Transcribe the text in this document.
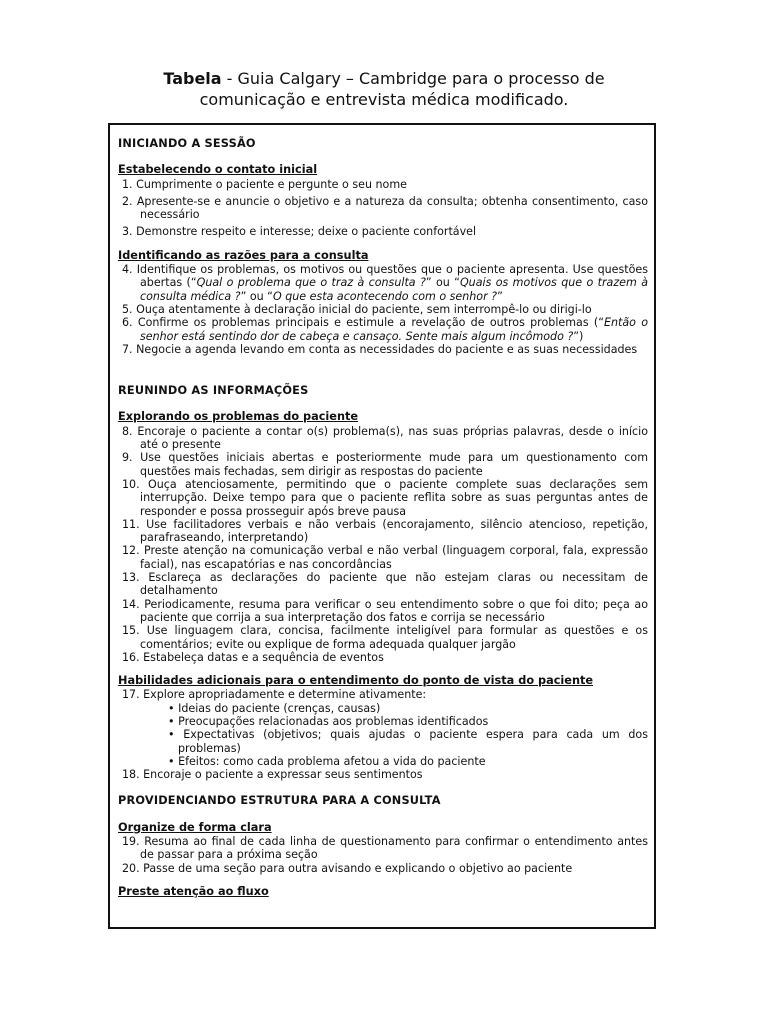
Tabela - Guia Calgary – Cambridge para o processo de
comunicação e entrevista médica modificado.
INICIANDO A SESSÃO
Estabelecendo o contato inicial
1. Cumprimente o paciente e pergunte o seu nome
2. Apresente-se e anuncie o objetivo e a natureza da consulta; obtenha consentimento, caso necessário
3. Demonstre respeito e interesse; deixe o paciente confortável
Identificando as razões para a consulta
4. Identifique os problemas, os motivos ou questões que o paciente apresenta. Use questões abertas (“Qual o problema que o traz à consulta ?” ou “Quais os motivos que o trazem à consulta médica ?” ou “O que esta acontecendo com o senhor ?”
5. Ouça atentamente à declaração inicial do paciente, sem interrompê-lo ou dirigi-lo
6. Confirme os problemas principais e estimule a revelação de outros problemas (“Então o senhor está sentindo dor de cabeça e cansaço. Sente mais algum incômodo ?”)
7. Negocie a agenda levando em conta as necessidades do paciente e as suas necessidades
REUNINDO AS INFORMAÇÕES
Explorando os problemas do paciente
8. Encoraje o paciente a contar o(s) problema(s), nas suas próprias palavras, desde o início até o presente
9. Use questões iniciais abertas e posteriormente mude para um questionamento com questões mais fechadas, sem dirigir as respostas do paciente
10. Ouça atenciosamente, permitindo que o paciente complete suas declarações sem interrupção. Deixe tempo para que o paciente reflita sobre as suas perguntas antes de responder e possa prosseguir após breve pausa
11. Use facilitadores verbais e não verbais (encorajamento, silêncio atencioso, repetição, parafraseando, interpretando)
12. Preste atenção na comunicação verbal e não verbal (linguagem corporal, fala, expressão facial), nas escapatórias e nas concordâncias
13. Esclareça as declarações do paciente que não estejam claras ou necessitam de detalhamento
14. Periodicamente, resuma para verificar o seu entendimento sobre o que foi dito; peça ao paciente que corrija a sua interpretação dos fatos e corrija se necessário
15. Use linguagem clara, concisa, facilmente inteligível para formular as questões e os comentários; evite ou explique de forma adequada qualquer jargão
16. Estabeleça datas e a sequência de eventos
Habilidades adicionais para o entendimento do ponto de vista do paciente
17. Explore apropriadamente e determine ativamente:
• Ideias do paciente (crenças, causas)
• Preocupações relacionadas aos problemas identificados
• Expectativas (objetivos; quais ajudas o paciente espera para cada um dos problemas)
• Efeitos: como cada problema afetou a vida do paciente
18. Encoraje o paciente a expressar seus sentimentos
PROVIDENCIANDO ESTRUTURA PARA A CONSULTA
Organize de forma clara
19. Resuma ao final de cada linha de questionamento para confirmar o entendimento antes de passar para a próxima seção
20. Passe de uma seção para outra avisando e explicando o objetivo ao paciente
Preste atenção ao fluxo
